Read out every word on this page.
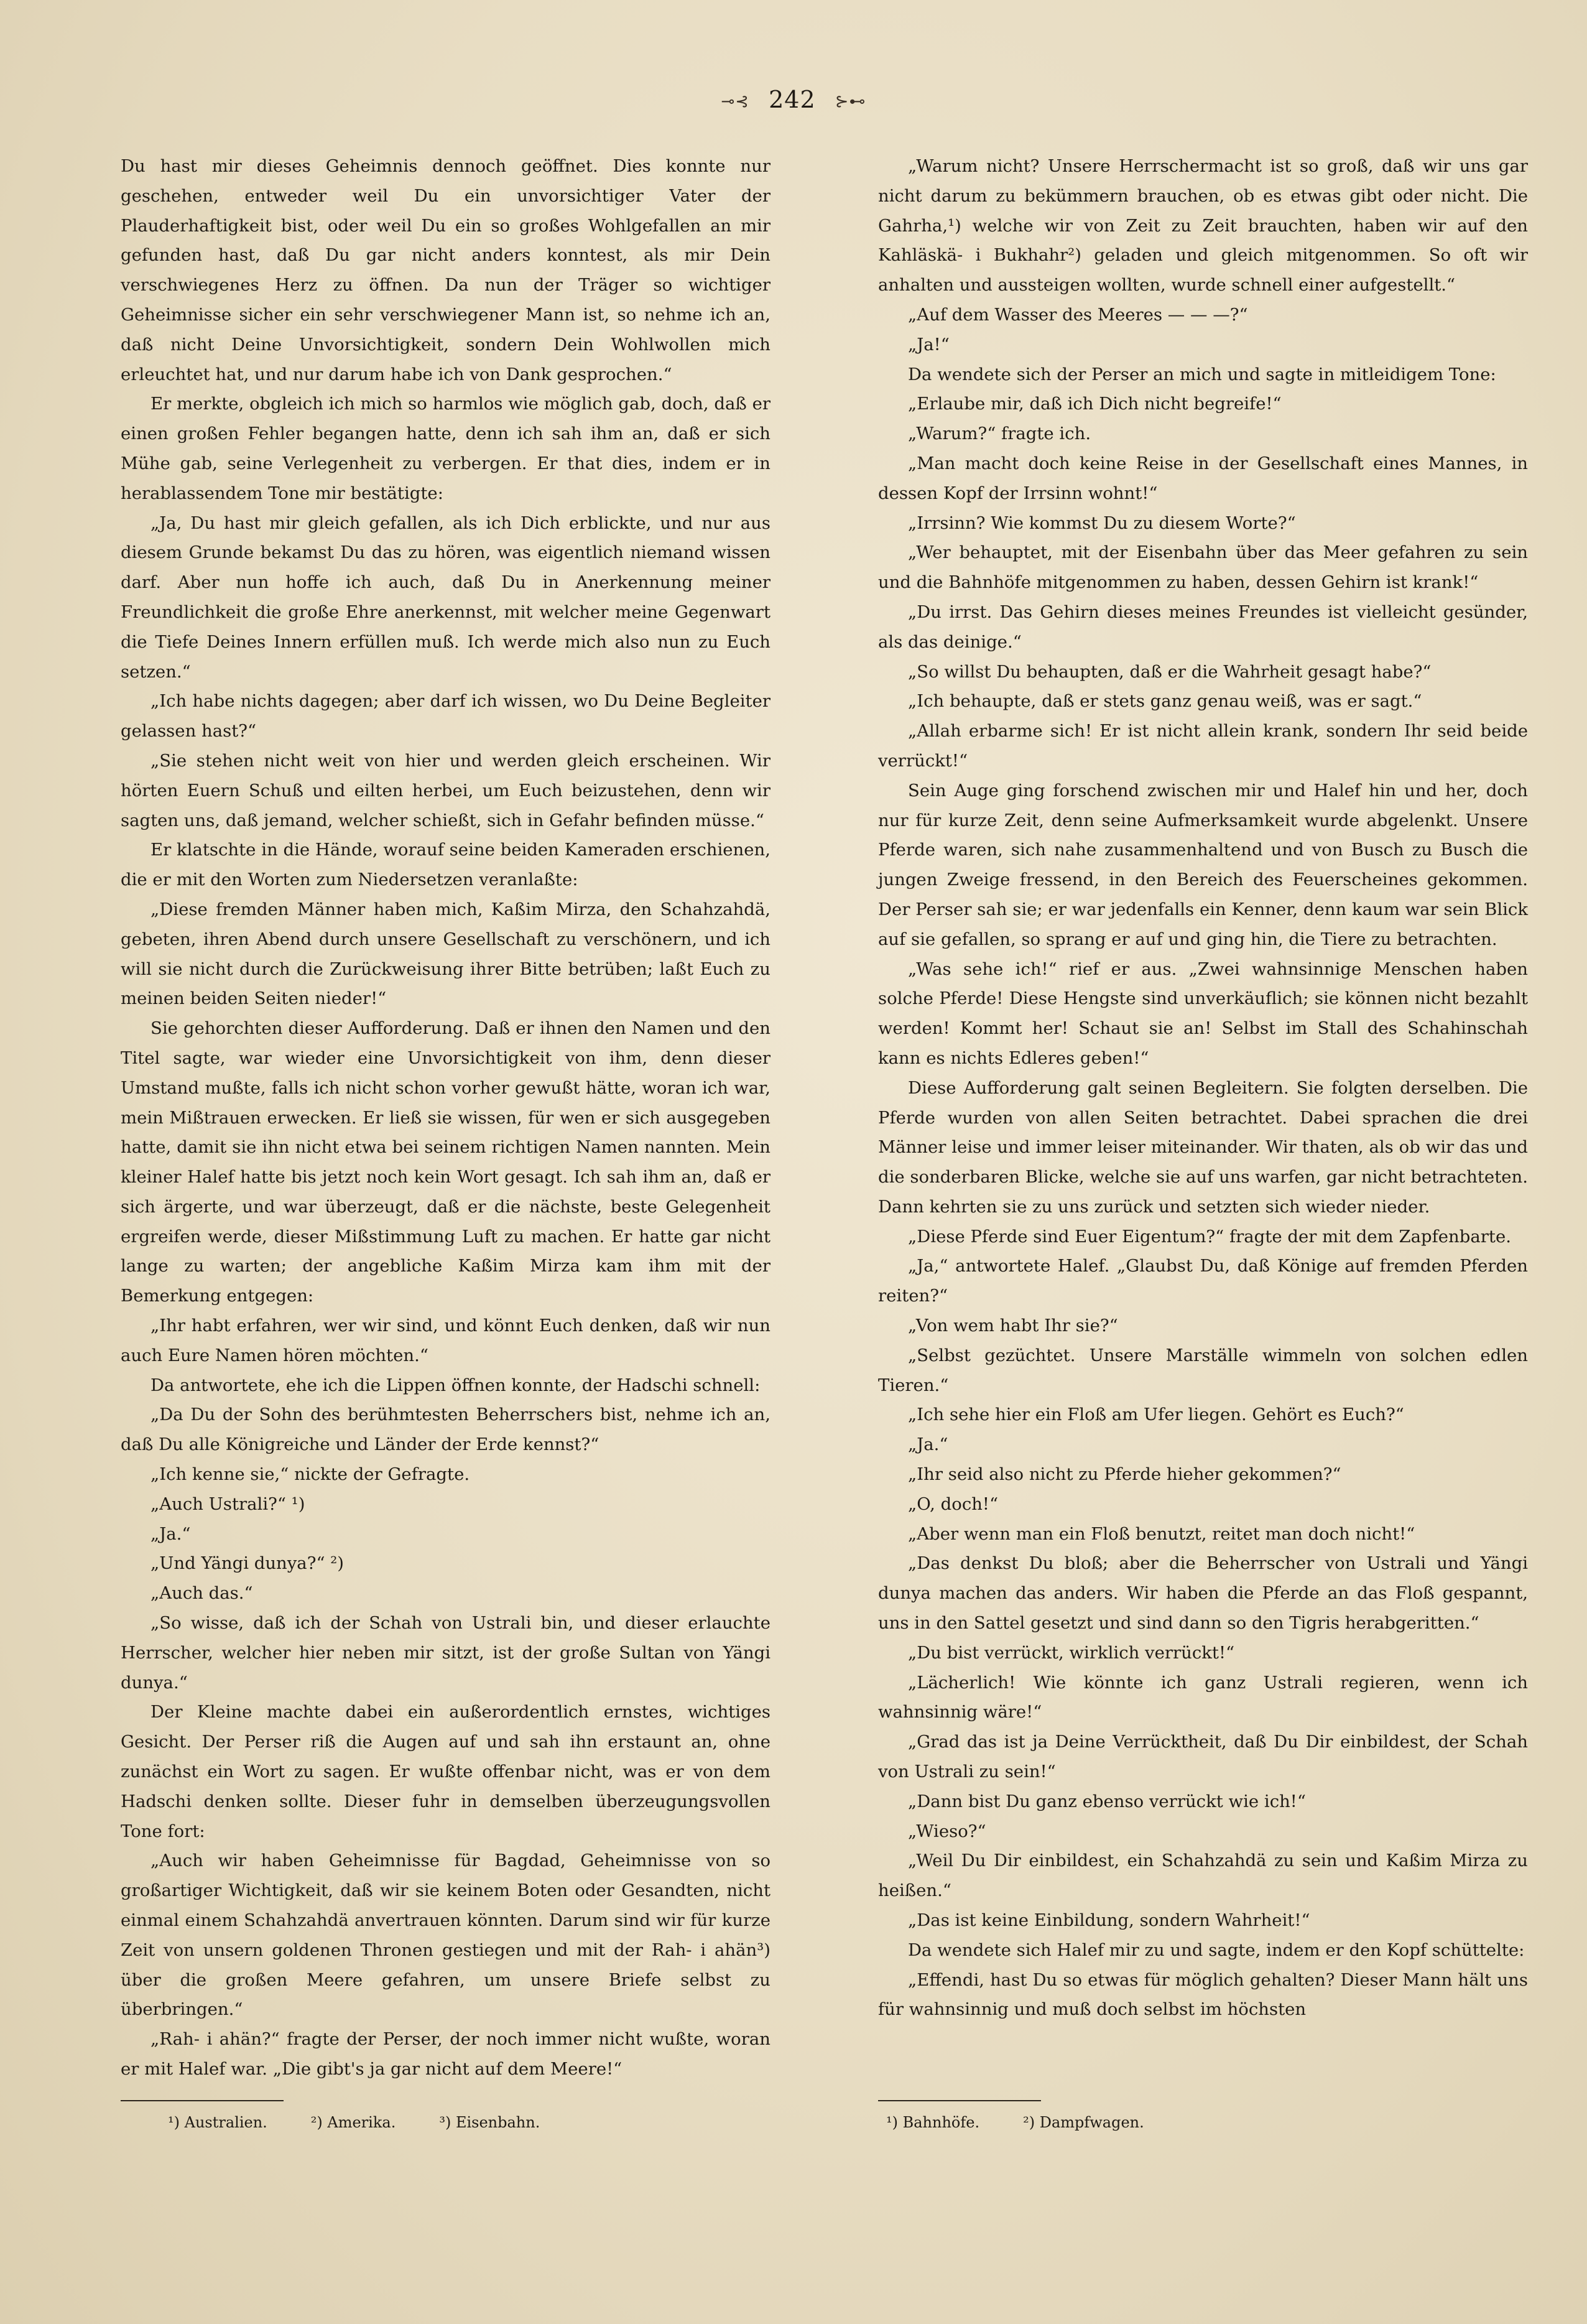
⊸⊰ 242 ⊱⊷

Du hast mir dieses Geheimnis dennoch geöffnet. Dies konnte nur geschehen, entweder weil Du ein unvorsichtiger Vater der Plauderhaftigkeit bist, oder weil Du ein so großes Wohlgefallen an mir gefunden hast, daß Du gar nicht anders konntest, als mir Dein verschwiegenes Herz zu öffnen. Da nun der Träger so wichtiger Geheimnisse sicher ein sehr verschwiegener Mann ist, so nehme ich an, daß nicht Deine Unvorsichtigkeit, sondern Dein Wohlwollen mich erleuchtet hat, und nur darum habe ich von Dank gesprochen.“

Er merkte, obgleich ich mich so harmlos wie möglich gab, doch, daß er einen großen Fehler begangen hatte, denn ich sah ihm an, daß er sich Mühe gab, seine Verlegenheit zu verbergen. Er that dies, indem er in herablassendem Tone mir bestätigte:

„Ja, Du hast mir gleich gefallen, als ich Dich erblickte, und nur aus diesem Grunde bekamst Du das zu hören, was eigentlich niemand wissen darf. Aber nun hoffe ich auch, daß Du in Anerkennung meiner Freundlichkeit die große Ehre anerkennst, mit welcher meine Gegenwart die Tiefe Deines Innern erfüllen muß. Ich werde mich also nun zu Euch setzen.“

„Ich habe nichts dagegen; aber darf ich wissen, wo Du Deine Begleiter gelassen hast?“

„Sie stehen nicht weit von hier und werden gleich erscheinen. Wir hörten Euern Schuß und eilten herbei, um Euch beizustehen, denn wir sagten uns, daß jemand, welcher schießt, sich in Gefahr befinden müsse.“

Er klatschte in die Hände, worauf seine beiden Kameraden erschienen, die er mit den Worten zum Niedersetzen veranlaßte:

„Diese fremden Männer haben mich, Kaßim Mirza, den Schahzahdä, gebeten, ihren Abend durch unsere Gesellschaft zu verschönern, und ich will sie nicht durch die Zurückweisung ihrer Bitte betrüben; laßt Euch zu meinen beiden Seiten nieder!“

Sie gehorchten dieser Aufforderung. Daß er ihnen den Namen und den Titel sagte, war wieder eine Unvorsichtigkeit von ihm, denn dieser Umstand mußte, falls ich nicht schon vorher gewußt hätte, woran ich war, mein Mißtrauen erwecken. Er ließ sie wissen, für wen er sich ausgegeben hatte, damit sie ihn nicht etwa bei seinem richtigen Namen nannten. Mein kleiner Halef hatte bis jetzt noch kein Wort gesagt. Ich sah ihm an, daß er sich ärgerte, und war überzeugt, daß er die nächste, beste Gelegenheit ergreifen werde, dieser Mißstimmung Luft zu machen. Er hatte gar nicht lange zu warten; der angebliche Kaßim Mirza kam ihm mit der Bemerkung entgegen:

„Ihr habt erfahren, wer wir sind, und könnt Euch denken, daß wir nun auch Eure Namen hören möchten.“

Da antwortete, ehe ich die Lippen öffnen konnte, der Hadschi schnell:

„Da Du der Sohn des berühmtesten Beherrschers bist, nehme ich an, daß Du alle Königreiche und Länder der Erde kennst?“

„Ich kenne sie,“ nickte der Gefragte.

„Auch Ustrali?“ ¹)

„Ja.“

„Und Yängi dunya?“ ²)

„Auch das.“

„So wisse, daß ich der Schah von Ustrali bin, und dieser erlauchte Herrscher, welcher hier neben mir sitzt, ist der große Sultan von Yängi dunya.“

Der Kleine machte dabei ein außerordentlich ernstes, wichtiges Gesicht. Der Perser riß die Augen auf und sah ihn erstaunt an, ohne zunächst ein Wort zu sagen. Er wußte offenbar nicht, was er von dem Hadschi denken sollte. Dieser fuhr in demselben überzeugungsvollen Tone fort:

„Auch wir haben Geheimnisse für Bagdad, Geheimnisse von so großartiger Wichtigkeit, daß wir sie keinem Boten oder Gesandten, nicht einmal einem Schahzahdä anvertrauen könnten. Darum sind wir für kurze Zeit von unsern goldenen Thronen gestiegen und mit der Rah- i ahän³) über die großen Meere gefahren, um unsere Briefe selbst zu überbringen.“

„Rah- i ahän?“ fragte der Perser, der noch immer nicht wußte, woran er mit Halef war. „Die gibt's ja gar nicht auf dem Meere!“

„Warum nicht? Unsere Herrschermacht ist so groß, daß wir uns gar nicht darum zu bekümmern brauchen, ob es etwas gibt oder nicht. Die Gahrha,¹) welche wir von Zeit zu Zeit brauchten, haben wir auf den Kahläskä- i Bukhahr²) geladen und gleich mitgenommen. So oft wir anhalten und aussteigen wollten, wurde schnell einer aufgestellt.“

„Auf dem Wasser des Meeres — — —?“

„Ja!“

Da wendete sich der Perser an mich und sagte in mitleidigem Tone:

„Erlaube mir, daß ich Dich nicht begreife!“

„Warum?“ fragte ich.

„Man macht doch keine Reise in der Gesellschaft eines Mannes, in dessen Kopf der Irrsinn wohnt!“

„Irrsinn? Wie kommst Du zu diesem Worte?“

„Wer behauptet, mit der Eisenbahn über das Meer gefahren zu sein und die Bahnhöfe mitgenommen zu haben, dessen Gehirn ist krank!“

„Du irrst. Das Gehirn dieses meines Freundes ist vielleicht gesünder, als das deinige.“

„So willst Du behaupten, daß er die Wahrheit gesagt habe?“

„Ich behaupte, daß er stets ganz genau weiß, was er sagt.“

„Allah erbarme sich! Er ist nicht allein krank, sondern Ihr seid beide verrückt!“

Sein Auge ging forschend zwischen mir und Halef hin und her, doch nur für kurze Zeit, denn seine Aufmerksamkeit wurde abgelenkt. Unsere Pferde waren, sich nahe zusammenhaltend und von Busch zu Busch die jungen Zweige fressend, in den Bereich des Feuerscheines gekommen. Der Perser sah sie; er war jedenfalls ein Kenner, denn kaum war sein Blick auf sie gefallen, so sprang er auf und ging hin, die Tiere zu betrachten.

„Was sehe ich!“ rief er aus. „Zwei wahnsinnige Menschen haben solche Pferde! Diese Hengste sind unverkäuflich; sie können nicht bezahlt werden! Kommt her! Schaut sie an! Selbst im Stall des Schahinschah kann es nichts Edleres geben!“

Diese Aufforderung galt seinen Begleitern. Sie folgten derselben. Die Pferde wurden von allen Seiten betrachtet. Dabei sprachen die drei Männer leise und immer leiser miteinander. Wir thaten, als ob wir das und die sonderbaren Blicke, welche sie auf uns warfen, gar nicht betrachteten. Dann kehrten sie zu uns zurück und setzten sich wieder nieder.

„Diese Pferde sind Euer Eigentum?“ fragte der mit dem Zapfenbarte.

„Ja,“ antwortete Halef. „Glaubst Du, daß Könige auf fremden Pferden reiten?“

„Von wem habt Ihr sie?“

„Selbst gezüchtet. Unsere Marställe wimmeln von solchen edlen Tieren.“

„Ich sehe hier ein Floß am Ufer liegen. Gehört es Euch?“

„Ja.“

„Ihr seid also nicht zu Pferde hieher gekommen?“

„O, doch!“

„Aber wenn man ein Floß benutzt, reitet man doch nicht!“

„Das denkst Du bloß; aber die Beherrscher von Ustrali und Yängi dunya machen das anders. Wir haben die Pferde an das Floß gespannt, uns in den Sattel gesetzt und sind dann so den Tigris herabgeritten.“

„Du bist verrückt, wirklich verrückt!“

„Lächerlich! Wie könnte ich ganz Ustrali regieren, wenn ich wahnsinnig wäre!“

„Grad das ist ja Deine Verrücktheit, daß Du Dir einbildest, der Schah von Ustrali zu sein!“

„Dann bist Du ganz ebenso verrückt wie ich!“

„Wieso?“

„Weil Du Dir einbildest, ein Schahzahdä zu sein und Kaßim Mirza zu heißen.“

„Das ist keine Einbildung, sondern Wahrheit!“

Da wendete sich Halef mir zu und sagte, indem er den Kopf schüttelte:

„Effendi, hast Du so etwas für möglich gehalten? Dieser Mann hält uns für wahnsinnig und muß doch selbst im höchsten

¹) Australien.	²) Amerika.	³) Eisenbahn.	¹) Bahnhöfe.	²) Dampfwagen.
